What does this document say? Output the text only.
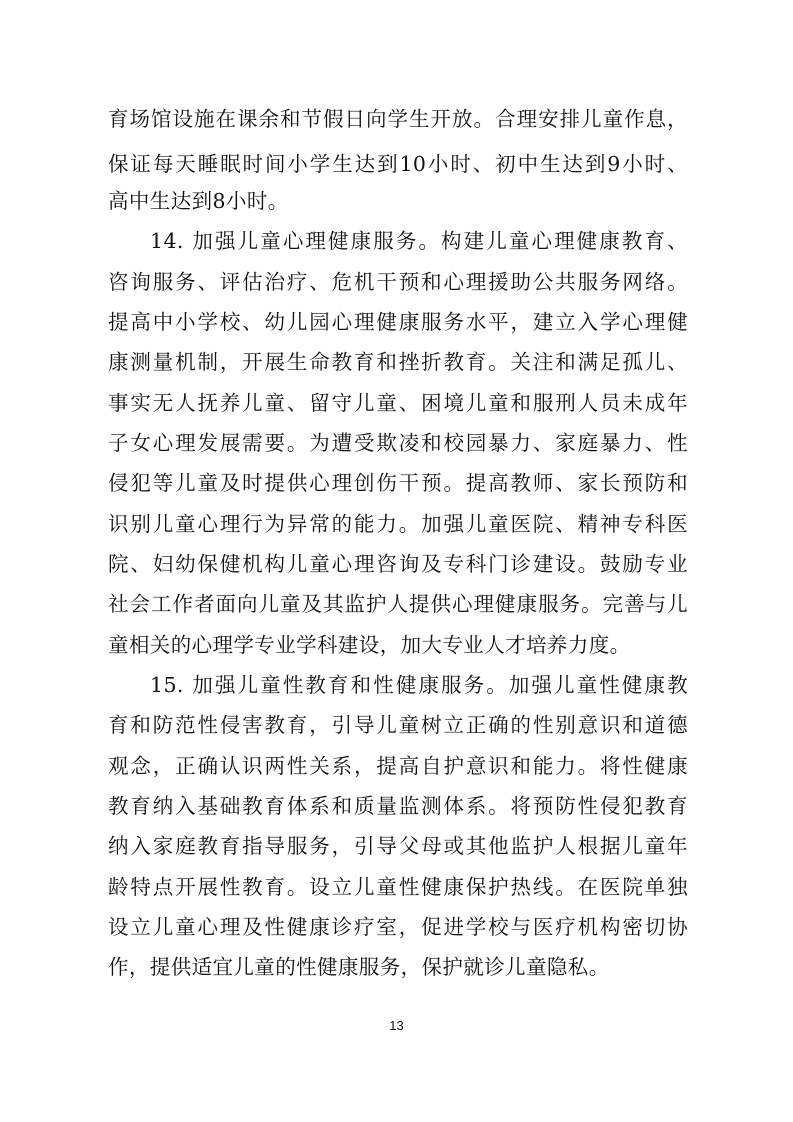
育场馆设施在课余和节假日向学生开放。合理安排儿童作息，
保证每天睡眠时间小学生达到10小时、初中生达到9小时、
高中生达到8小时。
14. 加强儿童心理健康服务。构建儿童心理健康教育、
咨询服务、评估治疗、危机干预和心理援助公共服务网络。
提高中小学校、幼儿园心理健康服务水平，建立入学心理健
康测量机制，开展生命教育和挫折教育。关注和满足孤儿、
事实无人抚养儿童、留守儿童、困境儿童和服刑人员未成年
子女心理发展需要。为遭受欺凌和校园暴力、家庭暴力、性
侵犯等儿童及时提供心理创伤干预。提高教师、家长预防和
识别儿童心理行为异常的能力。加强儿童医院、精神专科医
院、妇幼保健机构儿童心理咨询及专科门诊建设。鼓励专业
社会工作者面向儿童及其监护人提供心理健康服务。完善与儿
童相关的心理学专业学科建设，加大专业人才培养力度。
15. 加强儿童性教育和性健康服务。加强儿童性健康教
育和防范性侵害教育，引导儿童树立正确的性别意识和道德
观念，正确认识两性关系，提高自护意识和能力。将性健康
教育纳入基础教育体系和质量监测体系。将预防性侵犯教育
纳入家庭教育指导服务，引导父母或其他监护人根据儿童年
龄特点开展性教育。设立儿童性健康保护热线。在医院单独
设立儿童心理及性健康诊疗室，促进学校与医疗机构密切协
作，提供适宜儿童的性健康服务，保护就诊儿童隐私。
13
